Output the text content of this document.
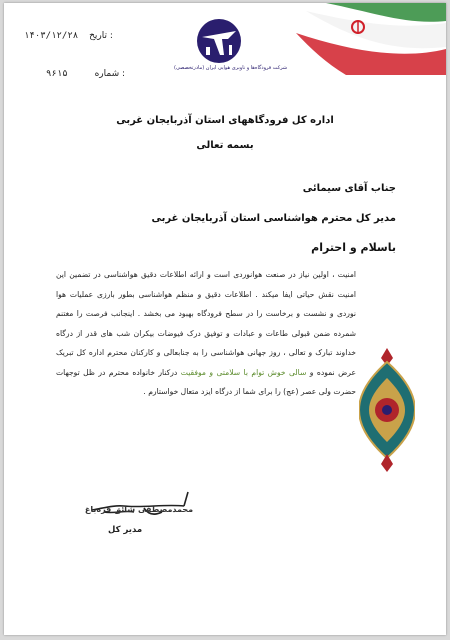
شرکت فرودگاه‌ها و ناوبری هوایی ایران (مادرتخصصی)
۱۴۰۳/۱۲/۲۸ تاریخ :
۹۶۱۵	شماره :
اداره کل فرودگاههای استان آذربایجان غربی
بسمه تعالی
جناب آقای سیمائی
مدیر کل محترم هواشناسی استان آذربایجان غربی
باسلام و احترام

امنیت ، اولین نیاز در صنعت هوانوردی است و ارائه اطلاعات دقیق هواشناسی در تضمین این امنیت نقش حیاتی ایفا میکند . اطلاعات دقیق و منظم هواشناسی بطور بارزی عملیات هوا نوردی و نشست و برخاست را در سطح فرودگاه بهبود می بخشد . اینجانب فرصت را مغتنم شمرده ضمن قبولی طاعات و عبادات و توفیق درک فیوضات بیکران شب های قدر از درگاه خداوند تبارک و تعالی ، روز جهانی هواشناسی را به جنابعالی و کارکنان محترم اداره کل تبریک عرض نموده و سالی خوش توام با سلامتی و موفقیت درکنار خانواده محترم در ظل توجهات حضرت ولی عصر (عج) را برای شما از درگاه ایزد متعال خواستارم .

محمدمصطفی شائق قره‌باغ
مدیر کل
